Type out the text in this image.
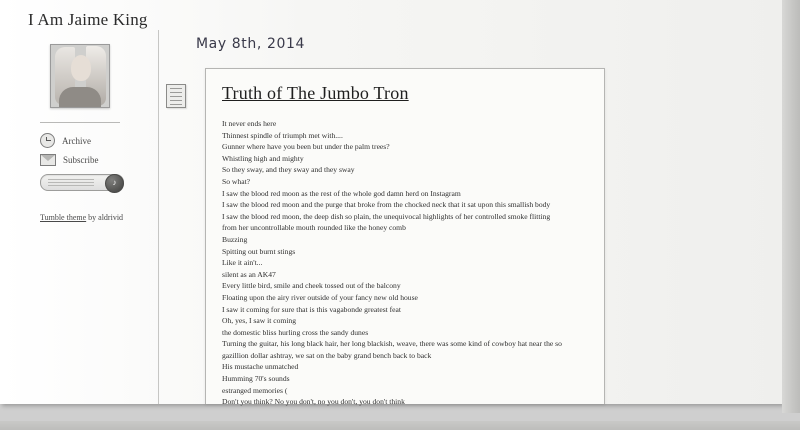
I Am Jaime King
Archive
Subscribe
♪
Tumble theme by aldrivid
May 8th, 2014
Truth of The Jumbo Tron

It never ends here

Thinnest spindle of triumph met with....

Gunner where have you been but under the palm trees?

Whistling high and mighty

So they sway, and they sway and they sway

So what?

I saw the blood red moon as the rest of the whole god damn herd on Instagram

I saw the blood red moon and the purge that broke from the chocked neck that it sat upon this smallish body

I saw the blood red moon, the deep dish so plain, the unequivocal highlights of her controlled smoke flitting

from her uncontrollable mouth rounded like the honey comb

Buzzing

Spitting out burnt stings

Like it ain't...

silent as an AK47

Every little bird, smile and cheek tossed out of the balcony

Floating upon the airy river outside of your fancy new old house

I saw it coming for sure that is this vagabonde greatest feat

Oh, yes, I saw it coming

the domestic bliss hurling cross the sandy dunes

Turning the guitar, his long black hair, her long blackish, weave, there was some kind of cowboy hat near the so

gazillion dollar ashtray, we sat on the baby grand bench back to back

His mustache unmatched

Humming 70's sounds

estranged memories (

Don't you think? No you don't, no you don't, you don't think
